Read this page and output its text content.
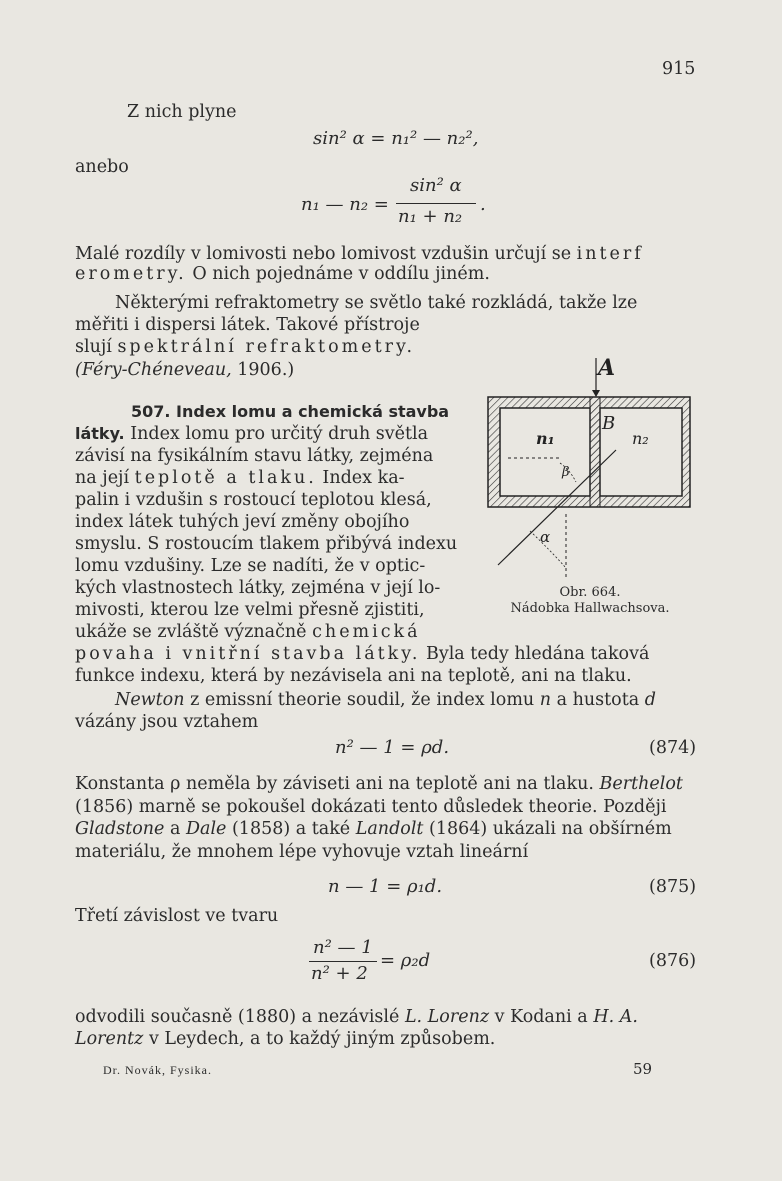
915
Z nich plyne
anebo
sin² α = n₁² — n₂²,
n₁ — n₂ =
sin² α
n₁ + n₂
.
Malé rozdíly v lomivosti nebo lomivost vzdušin určují se interf
erometry. O nich pojednáme v oddílu jiném.
Některými refraktometry se světlo také rozkládá, takže lze
měřiti i dispersi látek. Takové přístroje
slují spektrální refraktometry.
(Féry-Chéneveau, 1906.)
507. Index lomu a chemická stavba
látky. Index lomu pro určitý druh světla
závisí na fysikálním stavu látky, zejména
na její teplotě a tlaku. Index ka-
palin i vzdušin s rostoucí teplotou klesá,
index látek tuhých jeví změny obojího
smyslu. S rostoucím tlakem přibývá indexu
lomu vzdušiny. Lze se nadíti, že v optic-
kých vlastnostech látky, zejména v její lo-
mivosti, kterou lze velmi přesně zjistiti,
ukáže se zvláště význačně chemická
povaha i vnitřní stavba látky. Byla tedy hledána taková
funkce indexu, která by nezávisela ani na teplotě, ani na tlaku.
A
B
n₁	n₂
β
α
Obr. 664.
Nádobka Hallwachsova.
Newton z emissní theorie soudil, že index lomu n a hustota d
vázány jsou vztahem
n² — 1 = ρd.	(874)
Konstanta ρ neměla by záviseti ani na teplotě ani na tlaku. Berthelot
(1856) marně se pokoušel dokázati tento důsledek theorie. Později
Gladstone a Dale (1858) a také Landolt (1864) ukázali na obšírném
materiálu, že mnohem lépe vyhovuje vztah lineární
n — 1 = ρ₁d.	(875)
Třetí závislost ve tvaru
n² — 1
n² + 2
= ρ₂d	(876)
odvodili současně (1880) a nezávislé L. Lorenz v Kodani a H. A.
Lorentz v Leydech, a to každý jiným způsobem.
Dr. Novák, Fysika.	59
